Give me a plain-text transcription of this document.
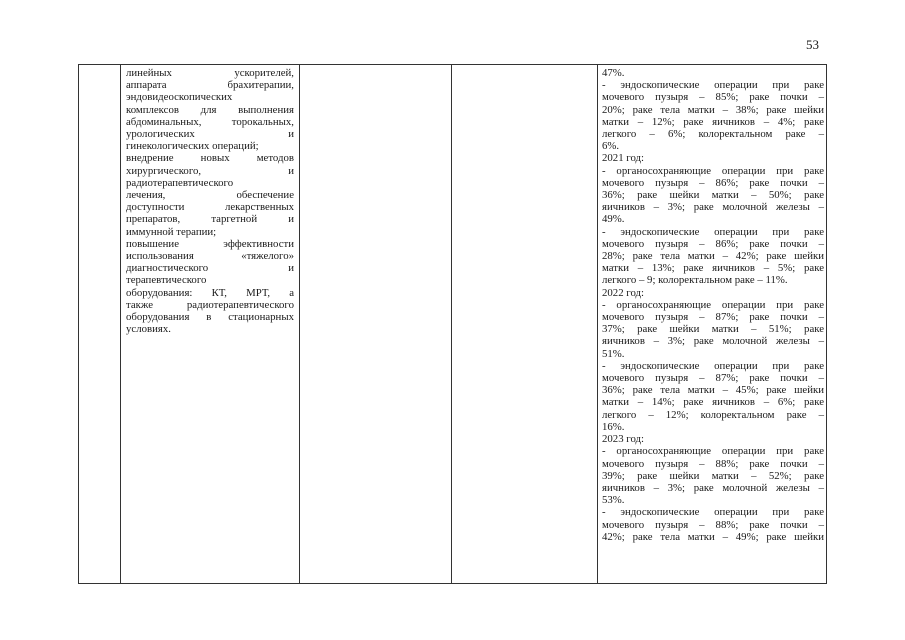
53
линейных ускорителей,
аппарата брахитерапии,
эндовидеоскопических
комплексов для выполнения
абдоминальных, торокальных,
урологических и
гинекологических операций;
внедрение новых методов
хирургического, и
радиотерапевтического
лечения, обеспечение
доступности лекарственных
препаратов, таргетной и
иммунной терапии;
повышение эффективности
использования «тяжелого»
диагностического и
терапевтического
оборудования: КТ, МРТ, а
также радиотерапевтического
оборудования в стационарных
условиях.
47%.
- эндоскопические операции при раке
мочевого пузыря – 85%; раке почки –
20%; раке тела матки – 38%; раке шейки
матки – 12%; раке яичников – 4%; раке
легкого – 6%; колоректальном раке –
6%.
2021 год:
- органосохраняющие операции при раке
мочевого пузыря – 86%; раке почки –
36%; раке шейки матки – 50%; раке
яичников – 3%; раке молочной железы –
49%.
- эндоскопические операции при раке
мочевого пузыря – 86%; раке почки –
28%; раке тела матки – 42%; раке шейки
матки – 13%; раке яичников – 5%; раке
легкого – 9; колоректальном раке – 11%.
2022 год:
- органосохраняющие операции при раке
мочевого пузыря – 87%; раке почки –
37%; раке шейки матки – 51%; раке
яичников – 3%; раке молочной железы –
51%.
- эндоскопические операции при раке
мочевого пузыря – 87%; раке почки –
36%; раке тела матки – 45%; раке шейки
матки – 14%; раке яичников – 6%; раке
легкого – 12%; колоректальном раке –
16%.
2023 год:
- органосохраняющие операции при раке
мочевого пузыря – 88%; раке почки –
39%; раке шейки матки – 52%; раке
яичников – 3%; раке молочной железы –
53%.
- эндоскопические операции при раке
мочевого пузыря – 88%; раке почки –
42%; раке тела матки – 49%; раке шейки
